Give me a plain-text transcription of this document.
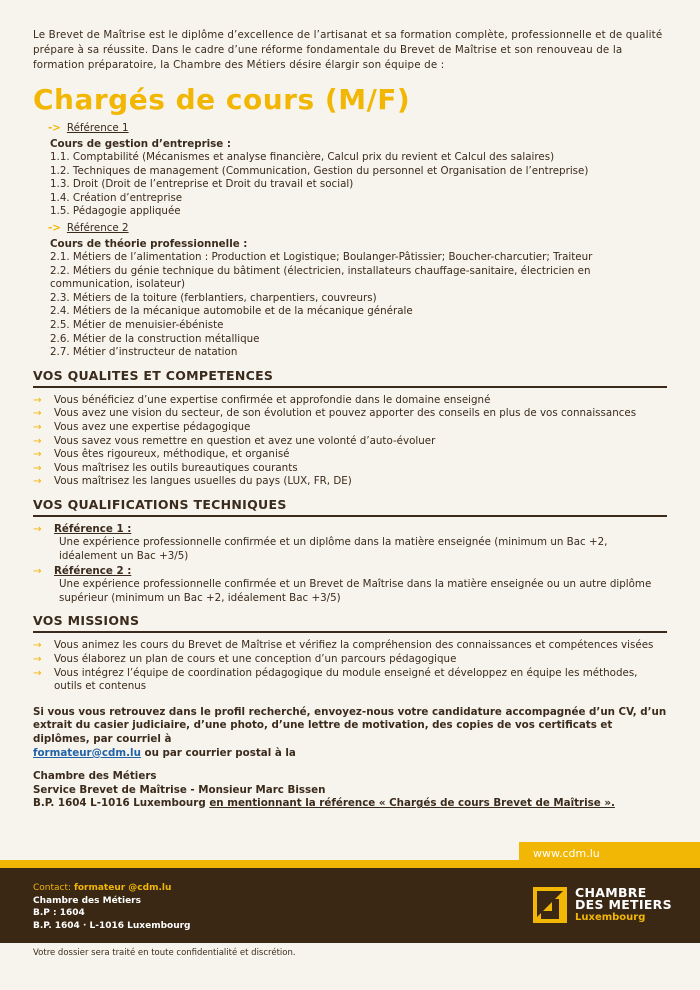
Le Brevet de Maîtrise est le diplôme d’excellence de l’artisanat et sa formation complète, professionnelle et de qualité prépare à sa réussite. Dans le cadre d’une réforme fondamentale du Brevet de Maîtrise et son renouveau de la formation préparatoire, la Chambre des Métiers désire élargir son équipe de :

Chargés de cours (M/F)
-> Référence 1
Cours de gestion d’entreprise :
1.1. Comptabilité (Mécanismes et analyse financière, Calcul prix du revient et Calcul des salaires)
1.2. Techniques de management (Communication, Gestion du personnel et Organisation de l’entreprise)
1.3. Droit (Droit de l’entreprise et Droit du travail et social)
1.4. Création d’entreprise
1.5. Pédagogie appliquée
-> Référence 2
Cours de théorie professionnelle :
2.1. Métiers de l’alimentation : Production et Logistique; Boulanger-Pâtissier; Boucher-charcutier; Traiteur
2.2. Métiers du génie technique du bâtiment (électricien, installateurs chauffage-sanitaire, électricien en communication, isolateur)
2.3. Métiers de la toiture (ferblantiers, charpentiers, couvreurs)
2.4. Métiers de la mécanique automobile et de la mécanique générale
2.5. Métier de menuisier-ébéniste
2.6. Métier de la construction métallique
2.7. Métier d’instructeur de natation
VOS QUALITES ET COMPETENCES
→ Vous bénéficiez d’une expertise confirmée et approfondie dans le domaine enseigné
→ Vous avez une vision du secteur, de son évolution et pouvez apporter des conseils en plus de vos connaissances
→ Vous avez une expertise pédagogique
→ Vous savez vous remettre en question et avez une volonté d’auto-évoluer
→ Vous êtes rigoureux, méthodique, et organisé
→ Vous maîtrisez les outils bureautiques courants
→ Vous maîtrisez les langues usuelles du pays (LUX, FR, DE)
VOS QUALIFICATIONS TECHNIQUES
→ Référence 1 :
Une expérience professionnelle confirmée et un diplôme dans la matière enseignée (minimum un Bac +2, idéalement un Bac +3/5)
→ Référence 2 :
Une expérience professionnelle confirmée et un Brevet de Maîtrise dans la matière enseignée ou un autre diplôme supérieur (minimum un Bac +2, idéalement Bac +3/5)
VOS MISSIONS
→ Vous animez les cours du Brevet de Maîtrise et vérifiez la compréhension des connaissances et compétences visées
→ Vous élaborez un plan de cours et une conception d’un parcours pédagogique
→ Vous intégrez l’équipe de coordination pédagogique du module enseigné et développez en équipe les méthodes, outils et contenus
Si vous vous retrouvez dans le profil recherché, envoyez-nous votre candidature accompagnée d’un CV, d’un extrait du casier judiciaire, d’une photo, d’une lettre de motivation, des copies de vos certificats et diplômes, par courriel à
formateur@cdm.lu ou par courrier postal à la
Chambre des Métiers
Service Brevet de Maîtrise - Monsieur Marc Bissen
B.P. 1604 L-1016 Luxembourg en mentionnant la référence « Chargés de cours Brevet de Maîtrise ».
www.cdm.lu
Contact: formateur @cdm.lu
Chambre des Métiers
B.P : 1604
B.P. 1604 · L-1016 Luxembourg
CHAMBRE
DES METIERS
Luxembourg
Votre dossier sera traité en toute confidentialité et discrétion.
